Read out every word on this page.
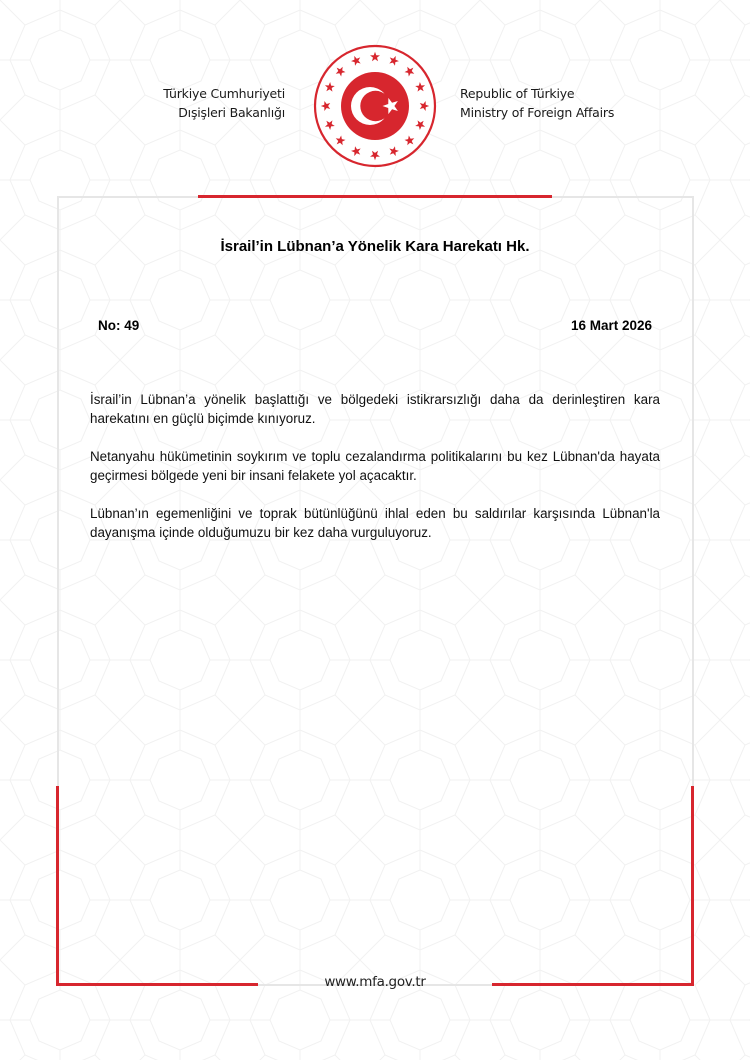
Türkiye Cumhuriyeti
Dışişleri Bakanlığı
Republic of Türkiye
Ministry of Foreign Affairs
İsrail’in Lübnan’a Yönelik Kara Harekatı Hk.
No: 49	16 Mart 2026

İsrail’in Lübnan’a yönelik başlattığı ve bölgedeki istikrarsızlığı daha da derinleştiren kara harekatını en güçlü biçimde kınıyoruz.

Netanyahu hükümetinin soykırım ve toplu cezalandırma politikalarını bu kez Lübnan'da hayata geçirmesi bölgede yeni bir insani felakete yol açacaktır.

Lübnan’ın egemenliğini ve toprak bütünlüğünü ihlal eden bu saldırılar karşısında Lübnan'la dayanışma içinde olduğumuzu bir kez daha vurguluyoruz.

www.mfa.gov.tr
